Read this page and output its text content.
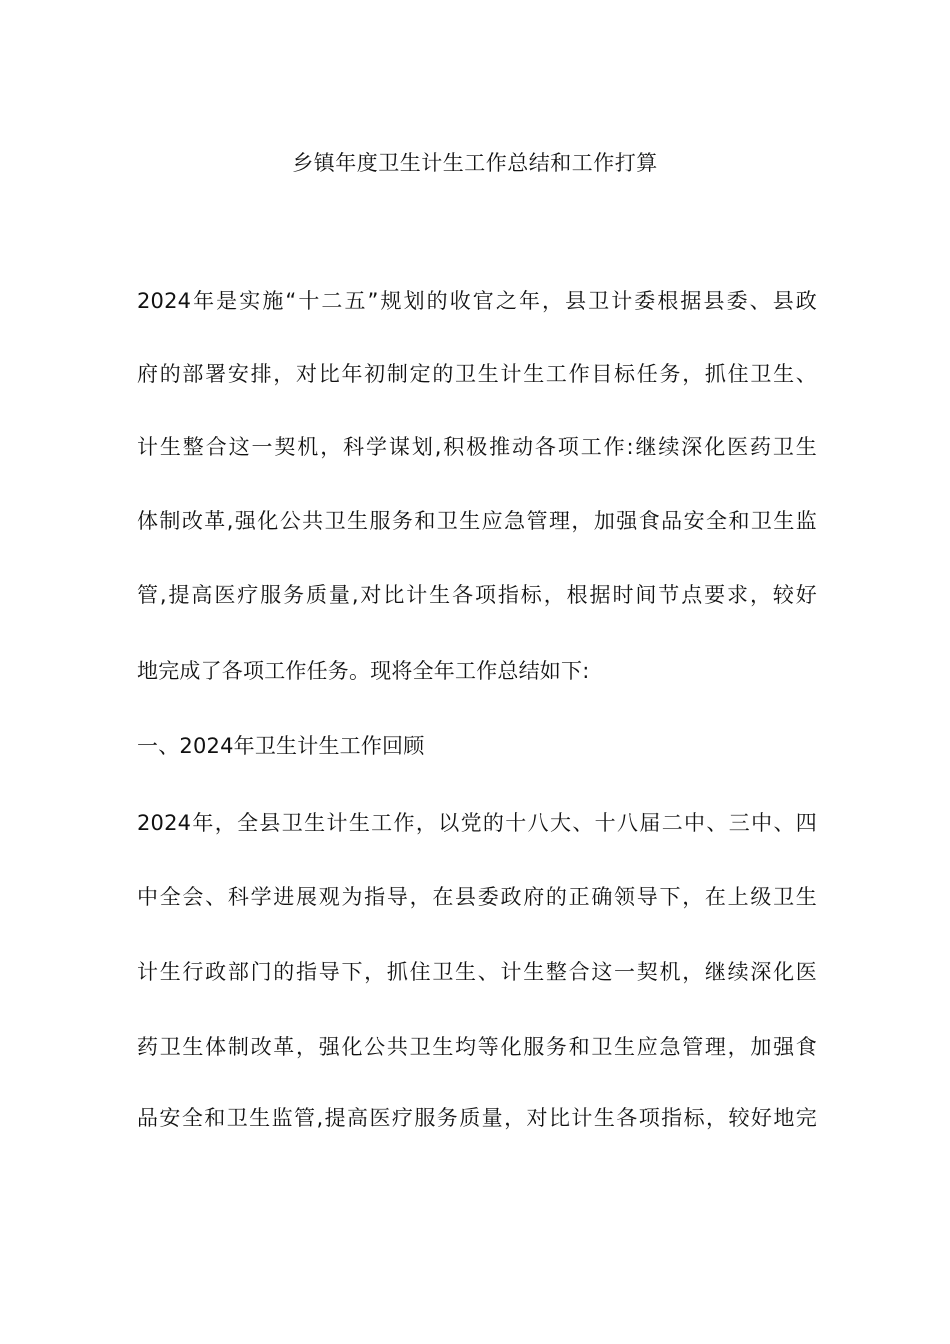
乡镇年度卫生计生工作总结和工作打算

2024年是实施“十二五”规划的收官之年，县卫计委根据县委、县政

府的部署安排，对比年初制定的卫生计生工作目标任务，抓住卫生、

计生整合这一契机，科学谋划,积极推动各项工作:继续深化医药卫生

体制改革,强化公共卫生服务和卫生应急管理，加强食品安全和卫生监

管,提高医疗服务质量,对比计生各项指标，根据时间节点要求，较好

地完成了各项工作任务。现将全年工作总结如下:

一、2024年卫生计生工作回顾

2024年，全县卫生计生工作，以党的十八大、十八届二中、三中、四

中全会、科学进展观为指导，在县委政府的正确领导下，在上级卫生

计生行政部门的指导下，抓住卫生、计生整合这一契机，继续深化医

药卫生体制改革，强化公共卫生均等化服务和卫生应急管理，加强食

品安全和卫生监管,提高医疗服务质量，对比计生各项指标，较好地完
